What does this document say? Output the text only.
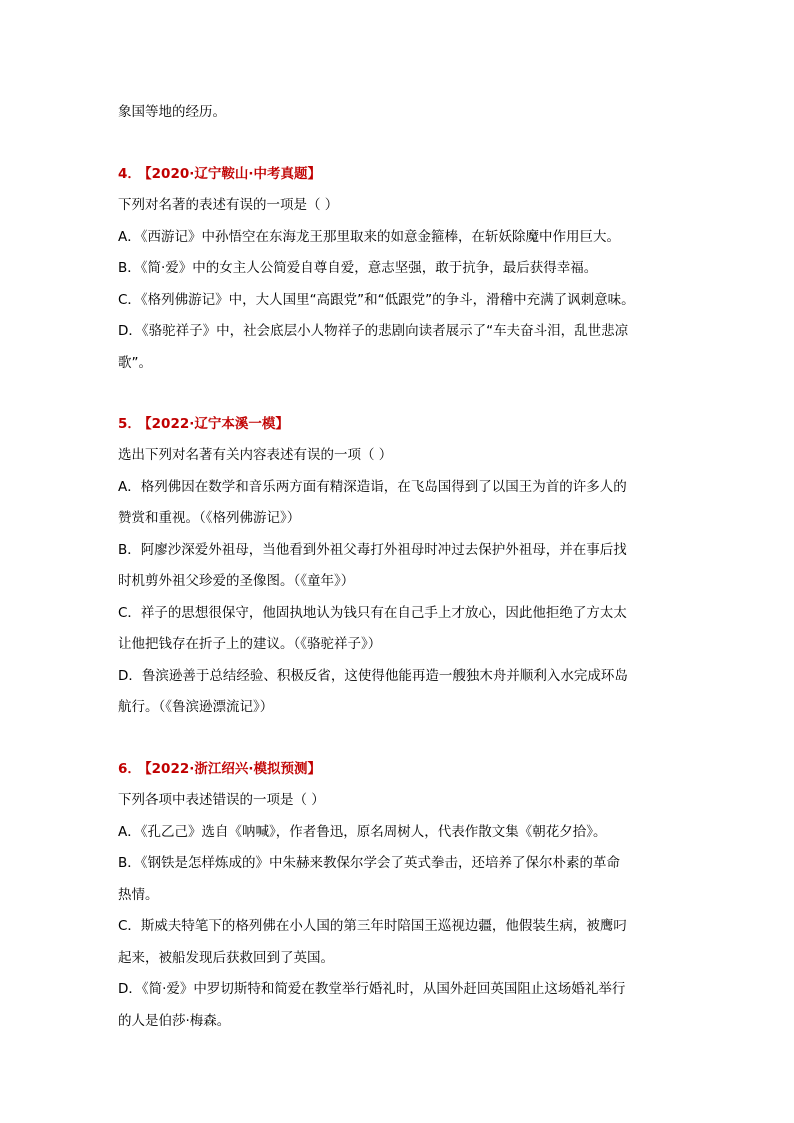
象国等地的经历。
4． 【2020·辽宁鞍山·中考真题】
下列对名著的表述有误的一项是（ ）
A．《西游记》中孙悟空在东海龙王那里取来的如意金箍棒，在斩妖除魔中作用巨大。
B．《简·爱》中的女主人公简爱自尊自爱，意志坚强，敢于抗争，最后获得幸福。
C．《格列佛游记》中，大人国里“高跟党”和“低跟党”的争斗，滑稽中充满了讽刺意味。
D．《骆驼祥子》中，社会底层小人物祥子的悲剧向读者展示了“车夫奋斗泪，乱世悲凉
歌”。
5． 【2022·辽宁本溪一模】
选出下列对名著有关内容表述有误的一项（ ）
A．格列佛因在数学和音乐两方面有精深造诣，在飞岛国得到了以国王为首的许多人的
赞赏和重视。（《格列佛游记》）
B．阿廖沙深爱外祖母，当他看到外祖父毒打外祖母时冲过去保护外祖母，并在事后找
时机剪外祖父珍爱的圣像图。（《童年》）
C．祥子的思想很保守，他固执地认为钱只有在自己手上才放心，因此他拒绝了方太太
让他把钱存在折子上的建议。（《骆驼祥子》）
D．鲁滨逊善于总结经验、积极反省，这使得他能再造一艘独木舟并顺利入水完成环岛
航行。（《鲁滨逊漂流记》）
6． 【2022·浙江绍兴·模拟预测】
下列各项中表述错误的一项是（ ）
A．《孔乙己》选自《呐喊》，作者鲁迅，原名周树人，代表作散文集《朝花夕拾》。
B．《钢铁是怎样炼成的》中朱赫来教保尔学会了英式拳击，还培养了保尔朴素的革命
热情。
C．斯威夫特笔下的格列佛在小人国的第三年时陪国王巡视边疆，他假装生病，被鹰叼
起来，被船发现后获救回到了英国。
D．《简·爱》中罗切斯特和简爱在教堂举行婚礼时，从国外赶回英国阻止这场婚礼举行
的人是伯莎·梅森。
